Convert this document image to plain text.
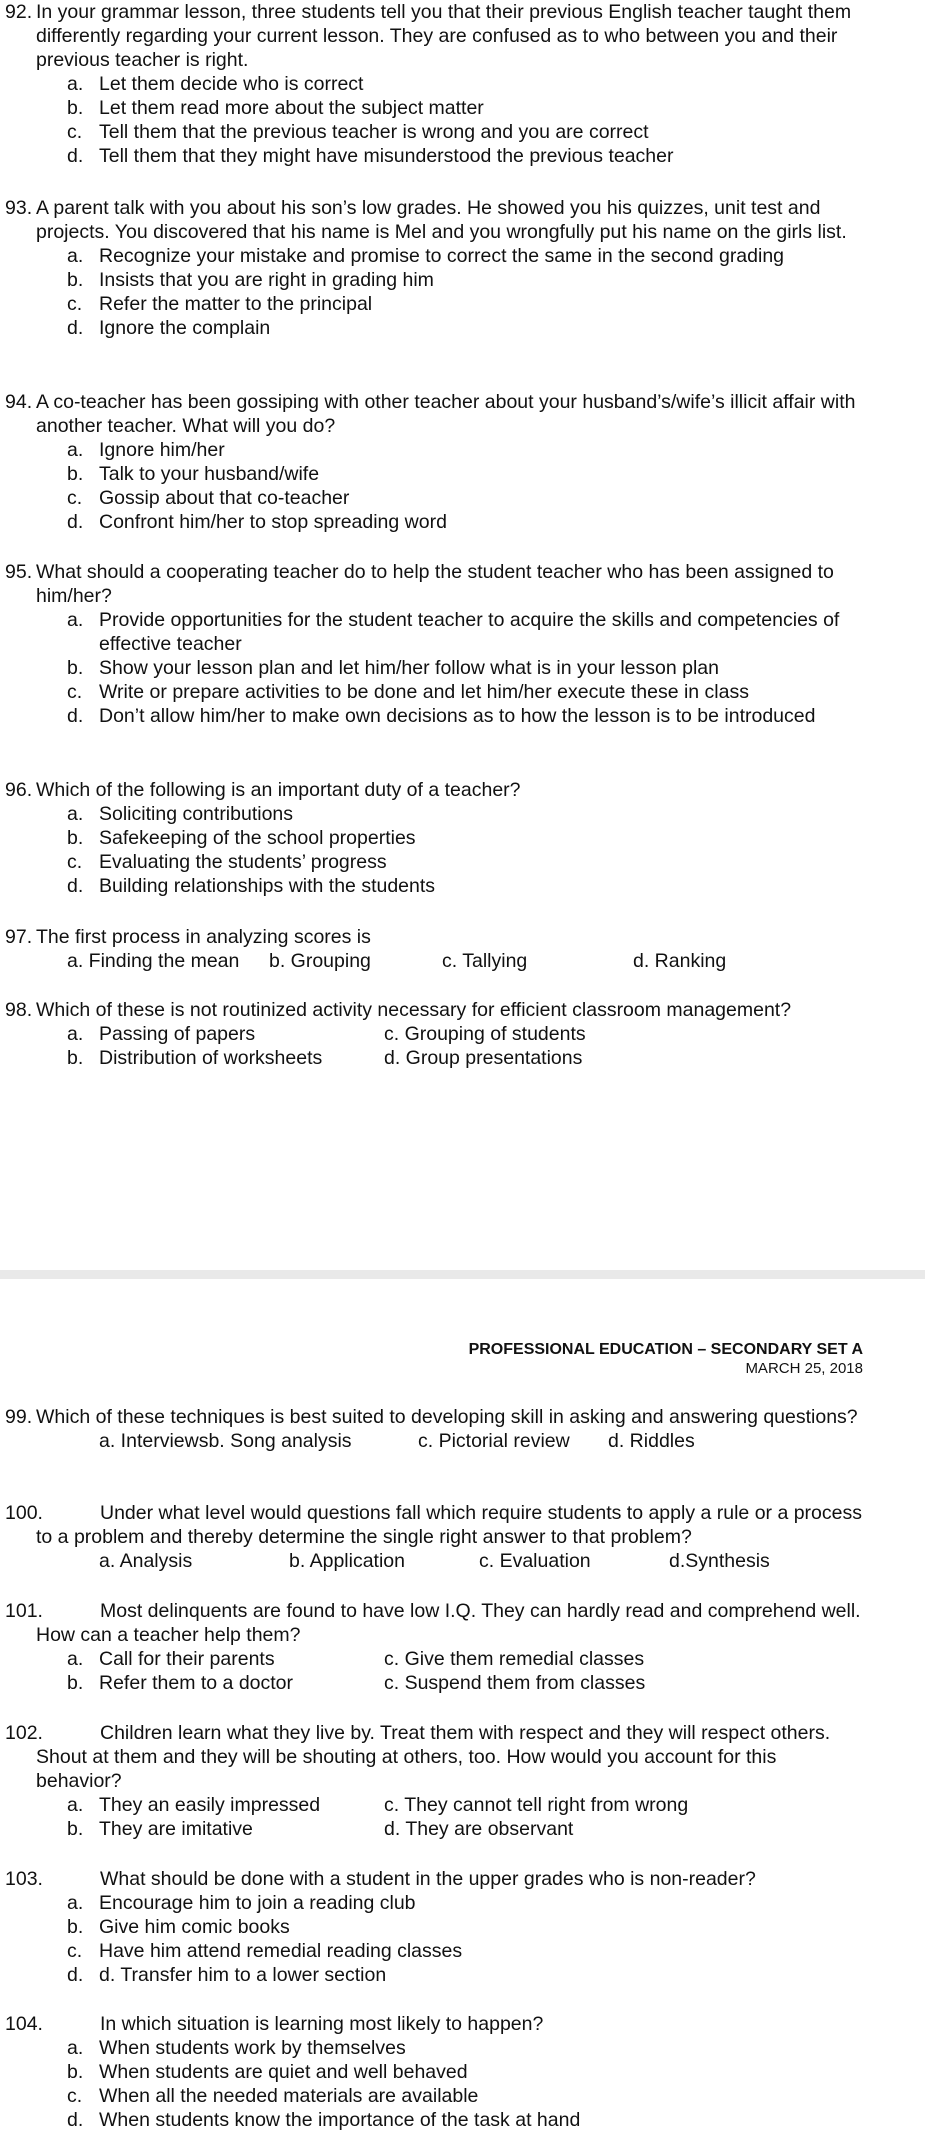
92. In your grammar lesson, three students tell you that their previous English teacher taught them differently regarding your current lesson. They are confused as to who between you and their previous teacher is right.

a. Let them decide who is correct
b. Let them read more about the subject matter
c. Tell them that the previous teacher is wrong and you are correct
d. Tell them that they might have misunderstood the previous teacher

93. A parent talk with you about his son’s low grades. He showed you his quizzes, unit test and projects. You discovered that his name is Mel and you wrongfully put his name on the girls list.

a. Recognize your mistake and promise to correct the same in the second grading
b. Insists that you are right in grading him
c. Refer the matter to the principal
d. Ignore the complain

94. A co-teacher has been gossiping with other teacher about your husband’s/wife’s illicit affair with another teacher. What will you do?

a. Ignore him/her
b. Talk to your husband/wife
c. Gossip about that co-teacher
d. Confront him/her to stop spreading word

95. What should a cooperating teacher do to help the student teacher who has been assigned to him/her?

a. Provide opportunities for the student teacher to acquire the skills and competencies of effective teacher
b. Show your lesson plan and let him/her follow what is in your lesson plan
c. Write or prepare activities to be done and let him/her execute these in class
d. Don’t allow him/her to make own decisions as to how the lesson is to be introduced

96. Which of the following is an important duty of a teacher?

a. Soliciting contributions
b. Safekeeping of the school properties
c. Evaluating the students’ progress
d. Building relationships with the students

97. The first process in analyzing scores is

a. Finding the mean	b. Grouping	c. Tallying	d. Ranking

98. Which of these is not routinized activity necessary for efficient classroom management?

a. Passing of papers	c. Grouping of students
b. Distribution of worksheets	d. Group presentations
PROFESSIONAL EDUCATION – SECONDARY SET A
MARCH 25, 2018

99. Which of these techniques is best suited to developing skill in asking and answering questions?

a. Interviewsb. Song analysis	c. Pictorial review	d. Riddles

100.	Under what level would questions fall which require students to apply a rule or a process to a problem and thereby determine the single right answer to that problem?

a. Analysis	b. Application	c. Evaluation	d.Synthesis

101.	Most delinquents are found to have low I.Q. They can hardly read and comprehend well. How can a teacher help them?

a. Call for their parents	c. Give them remedial classes
b. Refer them to a doctor	c. Suspend them from classes

102.	Children learn what they live by. Treat them with respect and they will respect others. Shout at them and they will be shouting at others, too. How would you account for this behavior?

a. They an easily impressed	c. They cannot tell right from wrong
b. They are imitative	d. They are observant

103.	What should be done with a student in the upper grades who is non-reader?

a. Encourage him to join a reading club
b. Give him comic books
c. Have him attend remedial reading classes
d. d. Transfer him to a lower section

104.	In which situation is learning most likely to happen?

a. When students work by themselves
b. When students are quiet and well behaved
c. When all the needed materials are available
d. When students know the importance of the task at hand
